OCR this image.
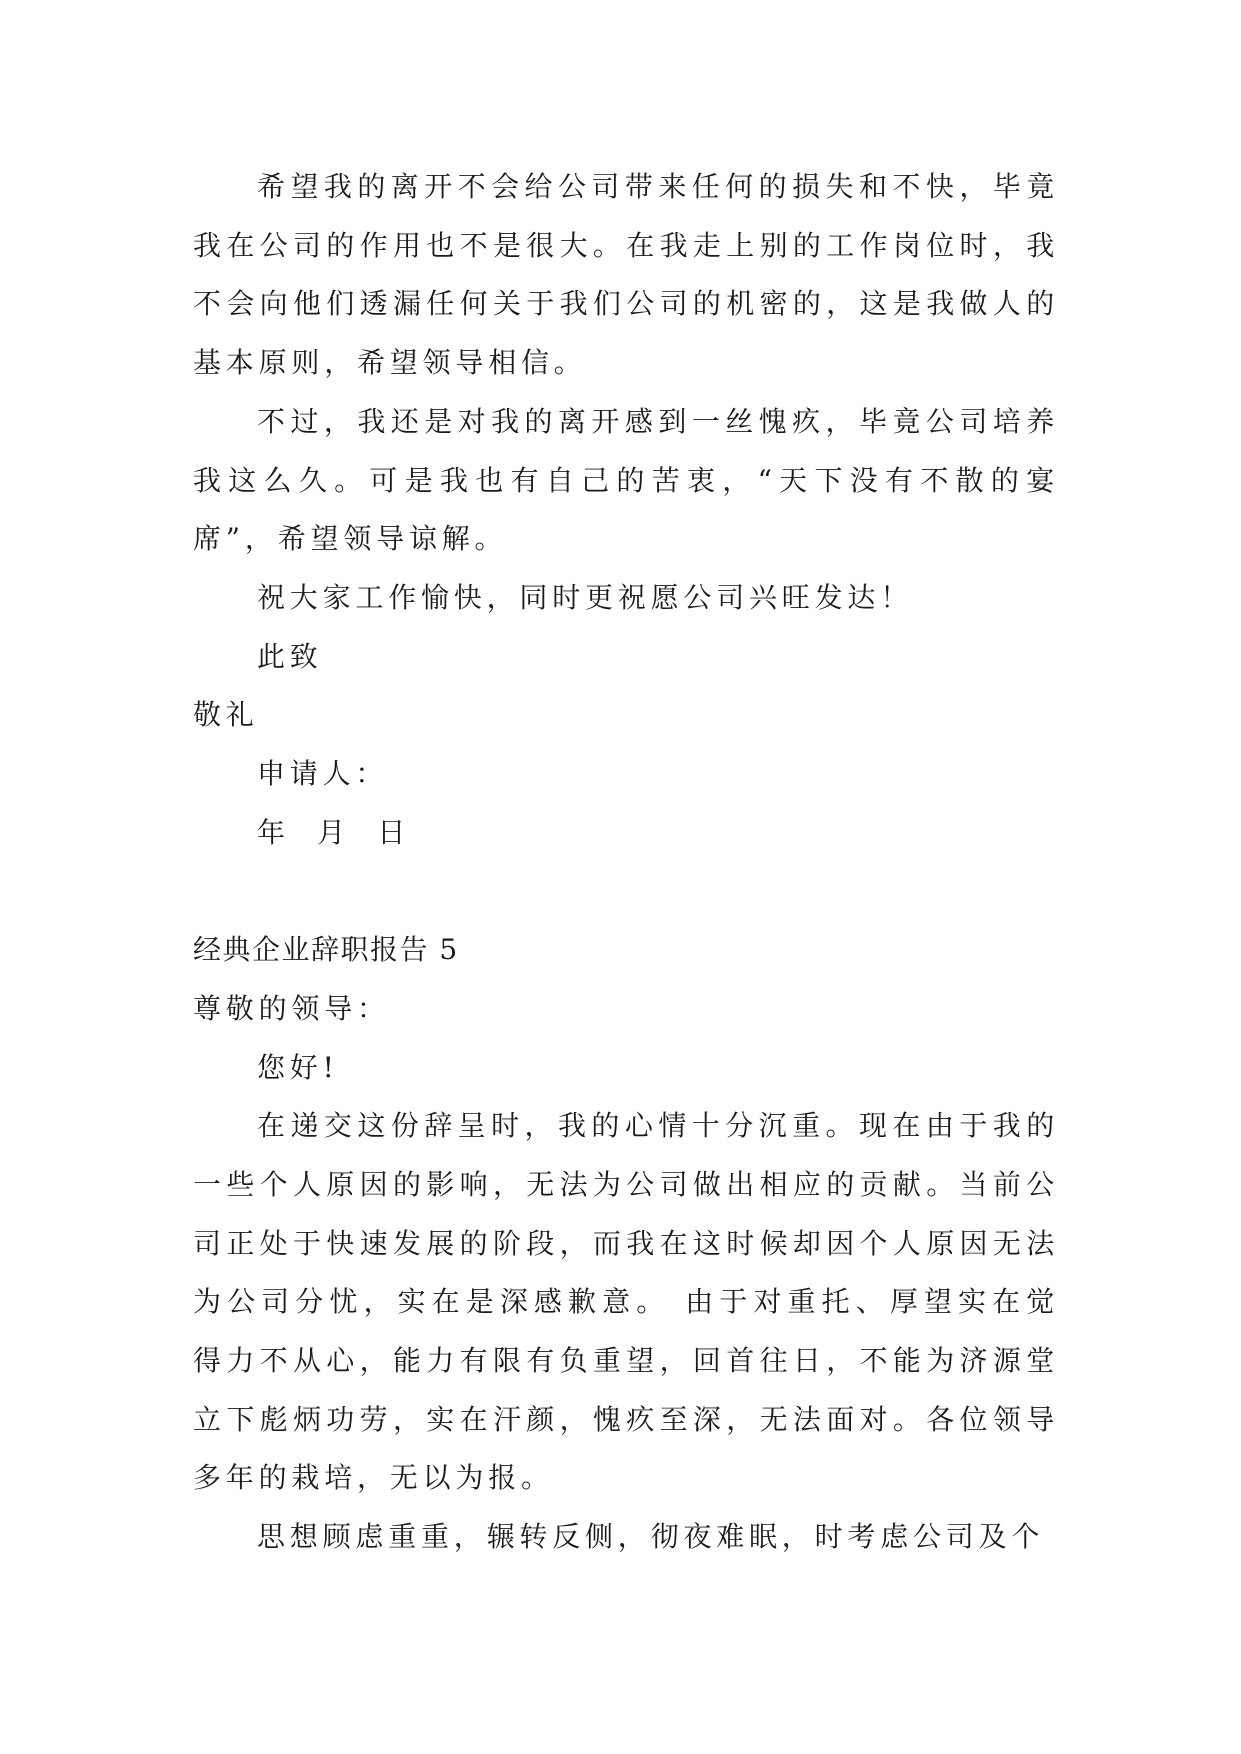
希望我的离开不会给公司带来任何的损失和不快，毕竟我在公司的作用也不是很大。在我走上别的工作岗位时，我不会向他们透漏任何关于我们公司的机密的，这是我做人的基本原则，希望领导相信。

不过，我还是对我的离开感到一丝愧疚，毕竟公司培养我这么久。可是我也有自己的苦衷，“天下没有不散的宴席”，希望领导谅解。

祝大家工作愉快，同时更祝愿公司兴旺发达！

此致

敬礼

申请人：

年  月  日

经典企业辞职报告 5

尊敬的领导：

您好!

在递交这份辞呈时，我的心情十分沉重。现在由于我的一些个人原因的影响，无法为公司做出相应的贡献。当前公司正处于快速发展的阶段，而我在这时候却因个人原因无法为公司分忧，实在是深感歉意。 由于对重托、厚望实在觉得力不从心，能力有限有负重望，回首往日，不能为济源堂立下彪炳功劳，实在汗颜，愧疚至深，无法面对。各位领导多年的栽培，无以为报。

思想顾虑重重，辗转反侧，彻夜难眠，时考虑公司及个
